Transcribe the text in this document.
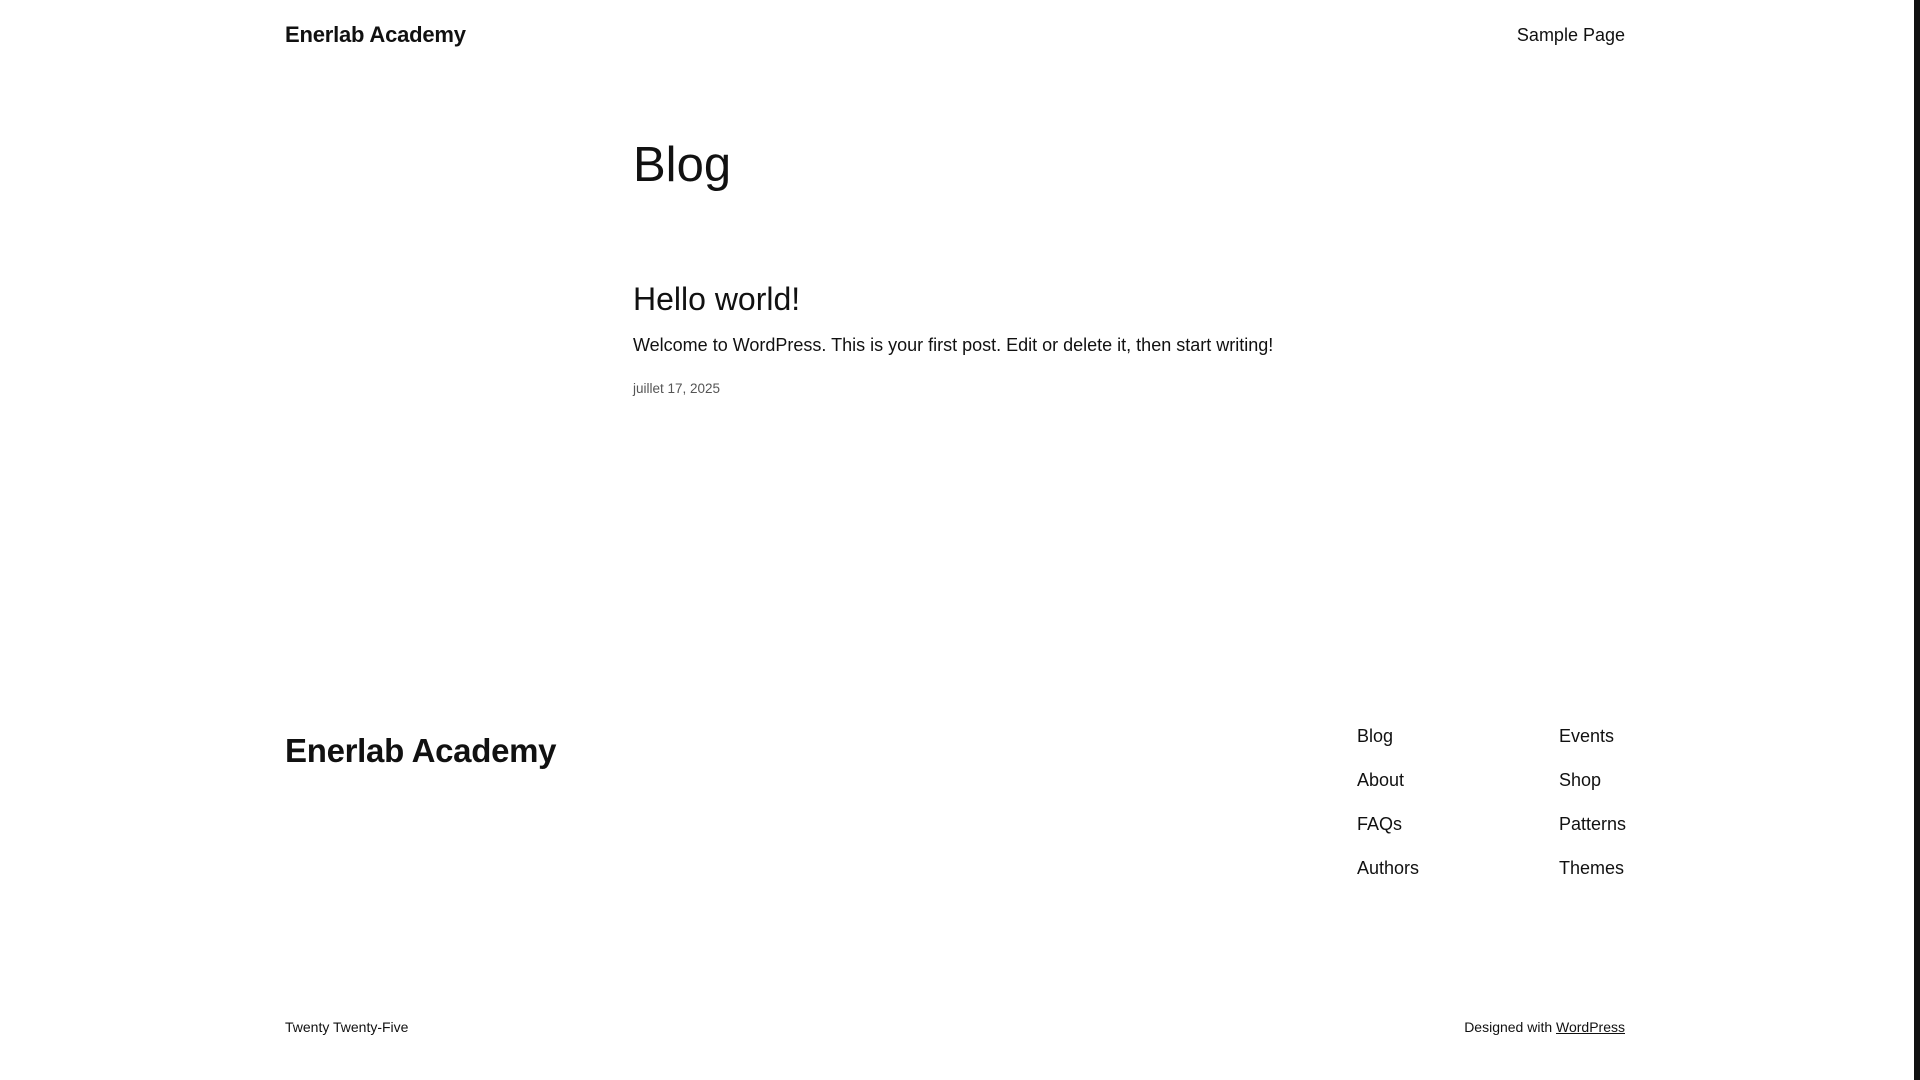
Enerlab Academy	Sample Page
Blog
Hello world!

Welcome to WordPress. This is your first post. Edit or delete it, then start writing!

juillet 17, 2025
Enerlab Academy	Blog
About
FAQs
Authors
Events
Shop
Patterns
Themes
Twenty Twenty-Five	Designed with WordPress
